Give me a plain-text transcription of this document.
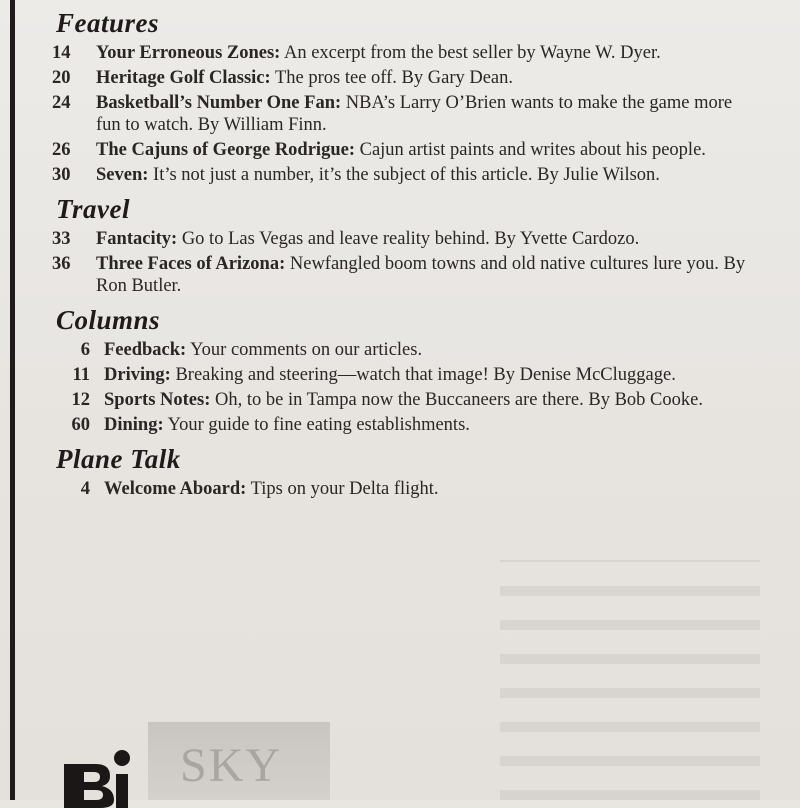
Features
14	Your Erroneous Zones: An excerpt from the best seller by Wayne W. Dyer.
20	Heritage Golf Classic: The pros tee off. By Gary Dean.
24	Basketball’s Number One Fan: NBA’s Larry O’Brien wants to make the game more fun to watch. By William Finn.
26	The Cajuns of George Rodrigue: Cajun artist paints and writes about his people.
30	Seven: It’s not just a number, it’s the subject of this article. By Julie Wilson.
Travel
33	Fantacity: Go to Las Vegas and leave reality behind. By Yvette Cardozo.
36	Three Faces of Arizona: Newfangled boom towns and old native cultures lure you. By Ron Butler.
Columns
6 Feedback: Your comments on our articles.
11 Driving: Breaking and steering—watch that image! By Denise McCluggage.
12 Sports Notes: Oh, to be in Tampa now the Buccaneers are there. By Bob Cooke.
60 Dining: Your guide to fine eating establishments.
Plane Talk
4 Welcome Aboard: Tips on your Delta flight.
SKY
